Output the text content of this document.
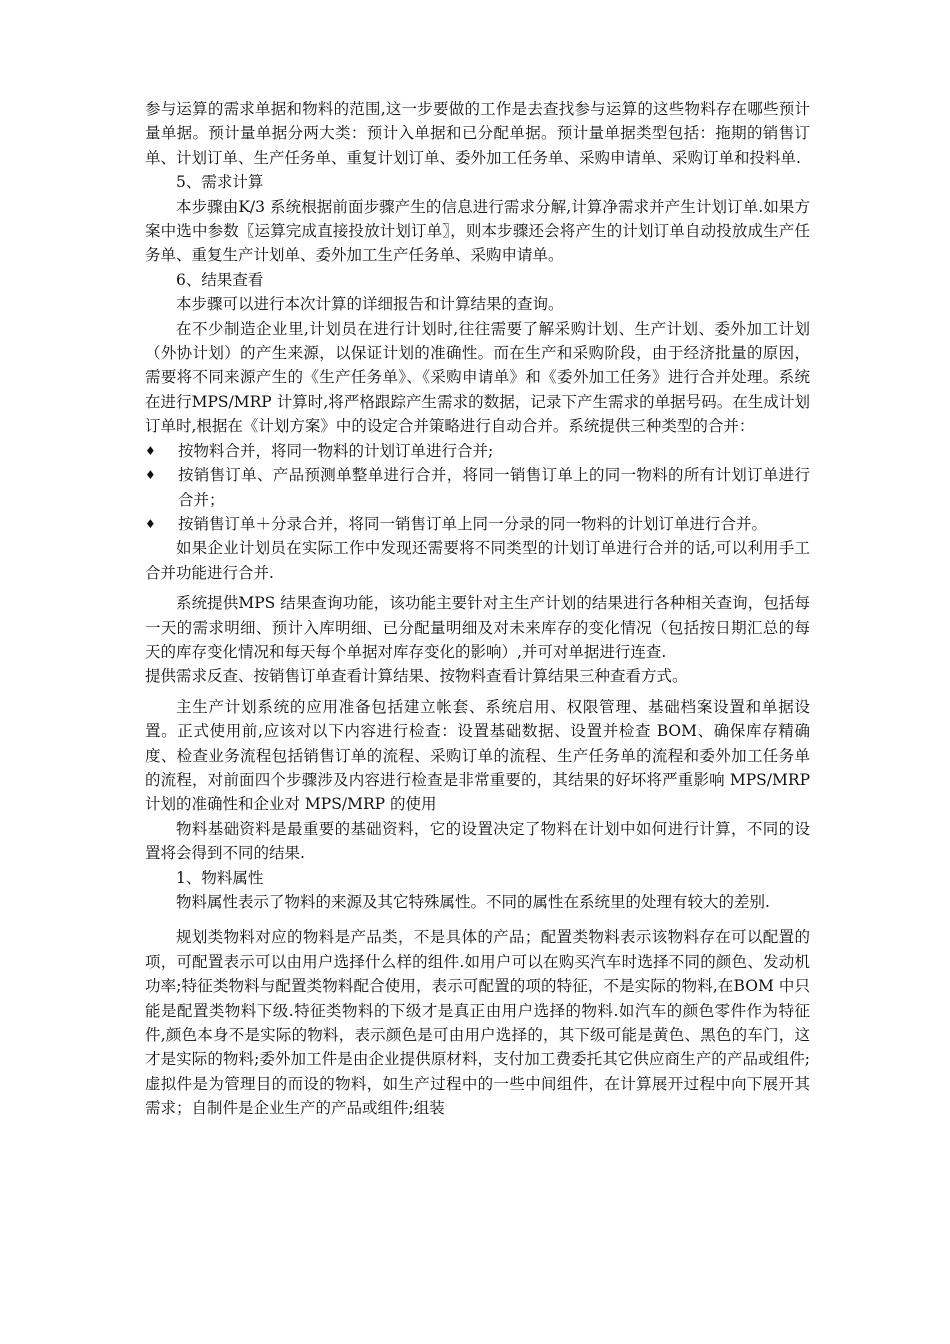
参与运算的需求单据和物料的范围,这一步要做的工作是去查找参与运算的这些物料存在哪些预计量单据。预计量单据分两大类：预计入单据和已分配单据。预计量单据类型包括：拖期的销售订单、计划订单、生产任务单、重复计划订单、委外加工任务单、采购申请单、采购订单和投料单.

5、需求计算

本步骤由K/3 系统根据前面步骤产生的信息进行需求分解,计算净需求并产生计划订单.如果方案中选中参数〖运算完成直接投放计划订单〗，则本步骤还会将产生的计划订单自动投放成生产任务单、重复生产计划单、委外加工生产任务单、采购申请单。

6、结果查看

本步骤可以进行本次计算的详细报告和计算结果的查询。

在不少制造企业里,计划员在进行计划时,往往需要了解采购计划、生产计划、委外加工计划（外协计划）的产生来源，以保证计划的准确性。而在生产和采购阶段，由于经济批量的原因，需要将不同来源产生的《生产任务单》、《采购申请单》和《委外加工任务》进行合并处理。系统在进行MPS/MRP 计算时,将严格跟踪产生需求的数据，记录下产生需求的单据号码。在生成计划订单时,根据在《计划方案》中的设定合并策略进行自动合并。系统提供三种类型的合并：

♦ 按物料合并，将同一物料的计划订单进行合并;
♦ 按销售订单、产品预测单整单进行合并，将同一销售订单上的同一物料的所有计划订单进行合并；
♦ 按销售订单＋分录合并，将同一销售订单上同一分录的同一物料的计划订单进行合并。

如果企业计划员在实际工作中发现还需要将不同类型的计划订单进行合并的话,可以利用手工合并功能进行合并.

系统提供MPS 结果查询功能，该功能主要针对主生产计划的结果进行各种相关查询，包括每一天的需求明细、预计入库明细、已分配量明细及对未来库存的变化情况（包括按日期汇总的每天的库存变化情况和每天每个单据对库存变化的影响）,并可对单据进行连查.

提供需求反查、按销售订单查看计算结果、按物料查看计算结果三种查看方式。

主生产计划系统的应用准备包括建立帐套、系统启用、权限管理、基础档案设置和单据设置。正式使用前,应该对以下内容进行检查：设置基础数据、设置并检查 BOM、确保库存精确度、检查业务流程包括销售订单的流程、采购订单的流程、生产任务单的流程和委外加工任务单的流程，对前面四个步骤涉及内容进行检查是非常重要的，其结果的好坏将严重影响 MPS/MRP 计划的准确性和企业对 MPS/MRP 的使用

物料基础资料是最重要的基础资料，它的设置决定了物料在计划中如何进行计算，不同的设置将会得到不同的结果.

1、物料属性

物料属性表示了物料的来源及其它特殊属性。不同的属性在系统里的处理有较大的差别.

规划类物料对应的物料是产品类，不是具体的产品；配置类物料表示该物料存在可以配置的项，可配置表示可以由用户选择什么样的组件.如用户可以在购买汽车时选择不同的颜色、发动机功率;特征类物料与配置类物料配合使用，表示可配置的项的特征，不是实际的物料,在BOM 中只能是配置类物料下级.特征类物料的下级才是真正由用户选择的物料.如汽车的颜色零件作为特征件,颜色本身不是实际的物料，表示颜色是可由用户选择的，其下级可能是黄色、黑色的车门，这才是实际的物料;委外加工件是由企业提供原材料，支付加工费委托其它供应商生产的产品或组件;虚拟件是为管理目的而设的物料，如生产过程中的一些中间组件，在计算展开过程中向下展开其需求；自制件是企业生产的产品或组件;组装
